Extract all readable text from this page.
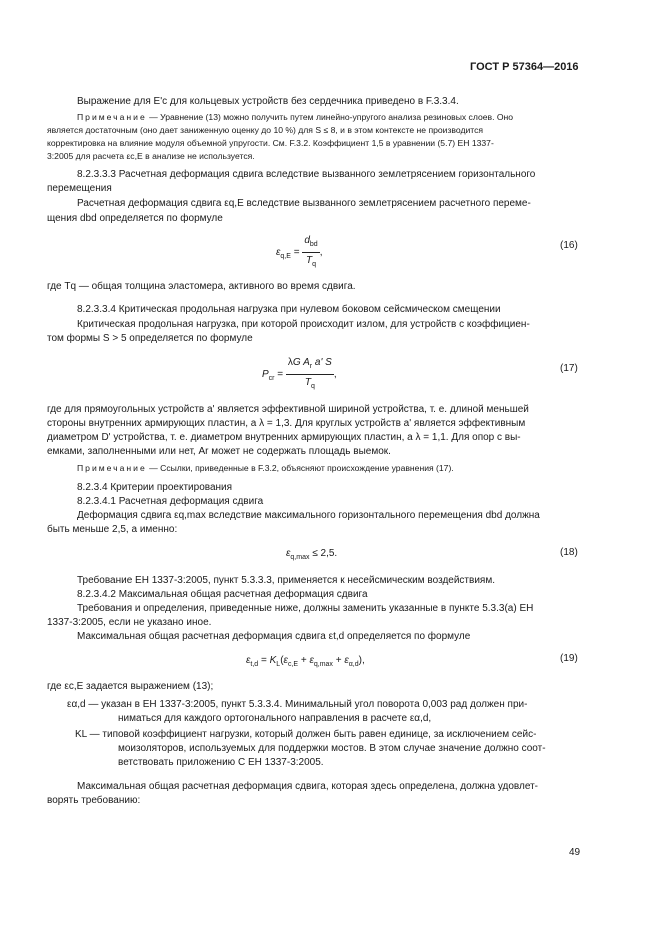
ГОСТ Р 57364—2016
Выражение для E'c для кольцевых устройств без сердечника приведено в F.3.3.4.
Примечание — Уравнение (13) можно получить путем линейно-упругого анализа резиновых слоев. Оно
является достаточным (оно дает заниженную оценку до 10 %) для S ≤ 8, и в этом контексте не производится
корректировка на влияние модуля объемной упругости. См. F.3.2. Коэффициент 1,5 в уравнении (5.7) ЕН 1337-
3:2005 для расчета εc,E в анализе не используется.
8.2.3.3.3 Расчетная деформация сдвига вследствие вызванного землетрясением горизонтального
перемещения
Расчетная деформация сдвига εq,E вследствие вызванного землетрясением расчетного переме-
щения dbd определяется по формуле
$\varepsilon_{q,E} = \frac{d_{bd}}{T_q}$ ,
(16)
где Tq — общая толщина эластомера, активного во время сдвига.
8.2.3.3.4 Критическая продольная нагрузка при нулевом боковом сейсмическом смещении
Критическая продольная нагрузка, при которой происходит излом, для устройств с коэффициен-
том формы S > 5 определяется по формуле
$P_{cr} = \frac{\lambda G A_r a' S}{T_q}$ ,
(17)
где для прямоугольных устройств a' является эффективной шириной устройства, т. е. длиной меньшей
стороны внутренних армирующих пластин, а λ = 1,3. Для круглых устройств a' является эффективным
диаметром D' устройства, т. е. диаметром внутренних армирующих пластин, а λ = 1,1. Для опор с вы-
емками, заполненными или нет, Ar может не содержать площадь выемок.
Примечание — Ссылки, приведенные в F.3.2, объясняют происхождение уравнения (17).
8.2.3.4 Критерии проектирования
8.2.3.4.1 Расчетная деформация сдвига
Деформация сдвига εq,max вследствие максимального горизонтального перемещения dbd должна
быть меньше 2,5, а именно:
$\varepsilon_{q,max} \le 2,5$.	(18)
Требование ЕН 1337-3:2005, пункт 5.3.3.3, применяется к несейсмическим воздействиям.
8.2.3.4.2 Максимальная общая расчетная деформация сдвига
Требования и определения, приведенные ниже, должны заменить указанные в пункте 5.3.3(а) ЕН
1337-3:2005, если не указано иное.
Максимальная общая расчетная деформация сдвига εt,d определяется по формуле
$\varepsilon_{t,d} = K_L(\varepsilon_{c,E} + \varepsilon_{q,max} + \varepsilon_{\alpha,d})$,	(19)
где εc,E задается выражением (13);
εα,d — указан в ЕН 1337-3:2005, пункт 5.3.3.4. Минимальный угол поворота 0,003 рад должен при-
ниматься для каждого ортогонального направления в расчете εα,d,
KL — типовой коэффициент нагрузки, который должен быть равен единице, за исключением сейс-
моизоляторов, используемых для поддержки мостов. В этом случае значение должно соот-
ветствовать приложению С ЕН 1337-3:2005.
Максимальная общая расчетная деформация сдвига, которая здесь определена, должна удовлет-
ворять требованию:
49
